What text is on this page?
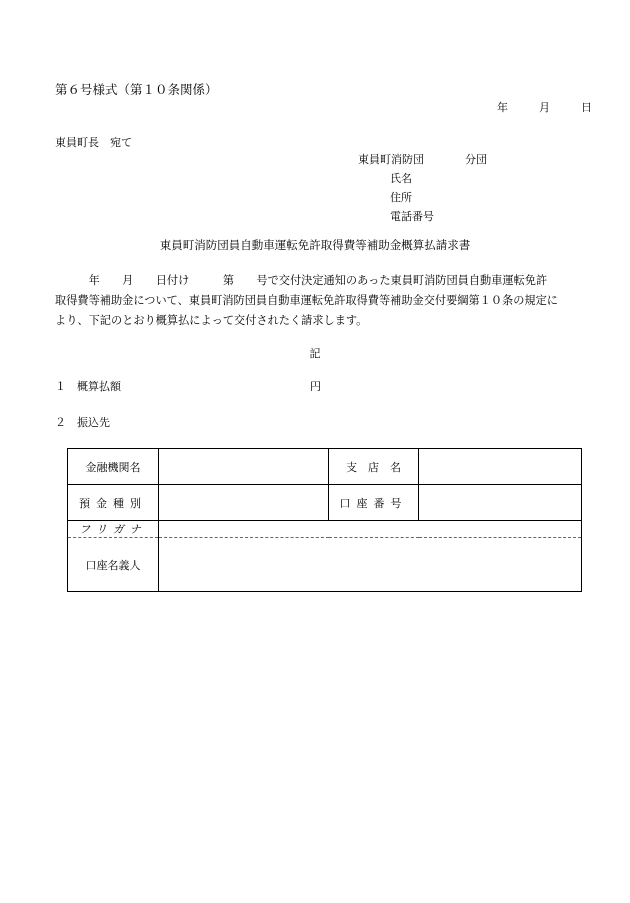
第６号様式（第１０条関係）
年	月	日
東員町長　宛て
東員町消防団	分団
氏名
住所
電話番号
東員町消防団員自動車運転免許取得費等補助金概算払請求書
　　　年　　月　　日付け　　　第　　号で交付決定通知のあった東員町消防団員自動車運転免許
取得費等補助金について、東員町消防団員自動車運転免許取得費等補助金交付要綱第１０条の規定に
より、下記のとおり概算払によって交付されたく請求します。
記
１　概算払額	円
２　振込先
金融機関名		支　店　名	
預金種別		口座番号	
フリガナ			
口座名義人			
